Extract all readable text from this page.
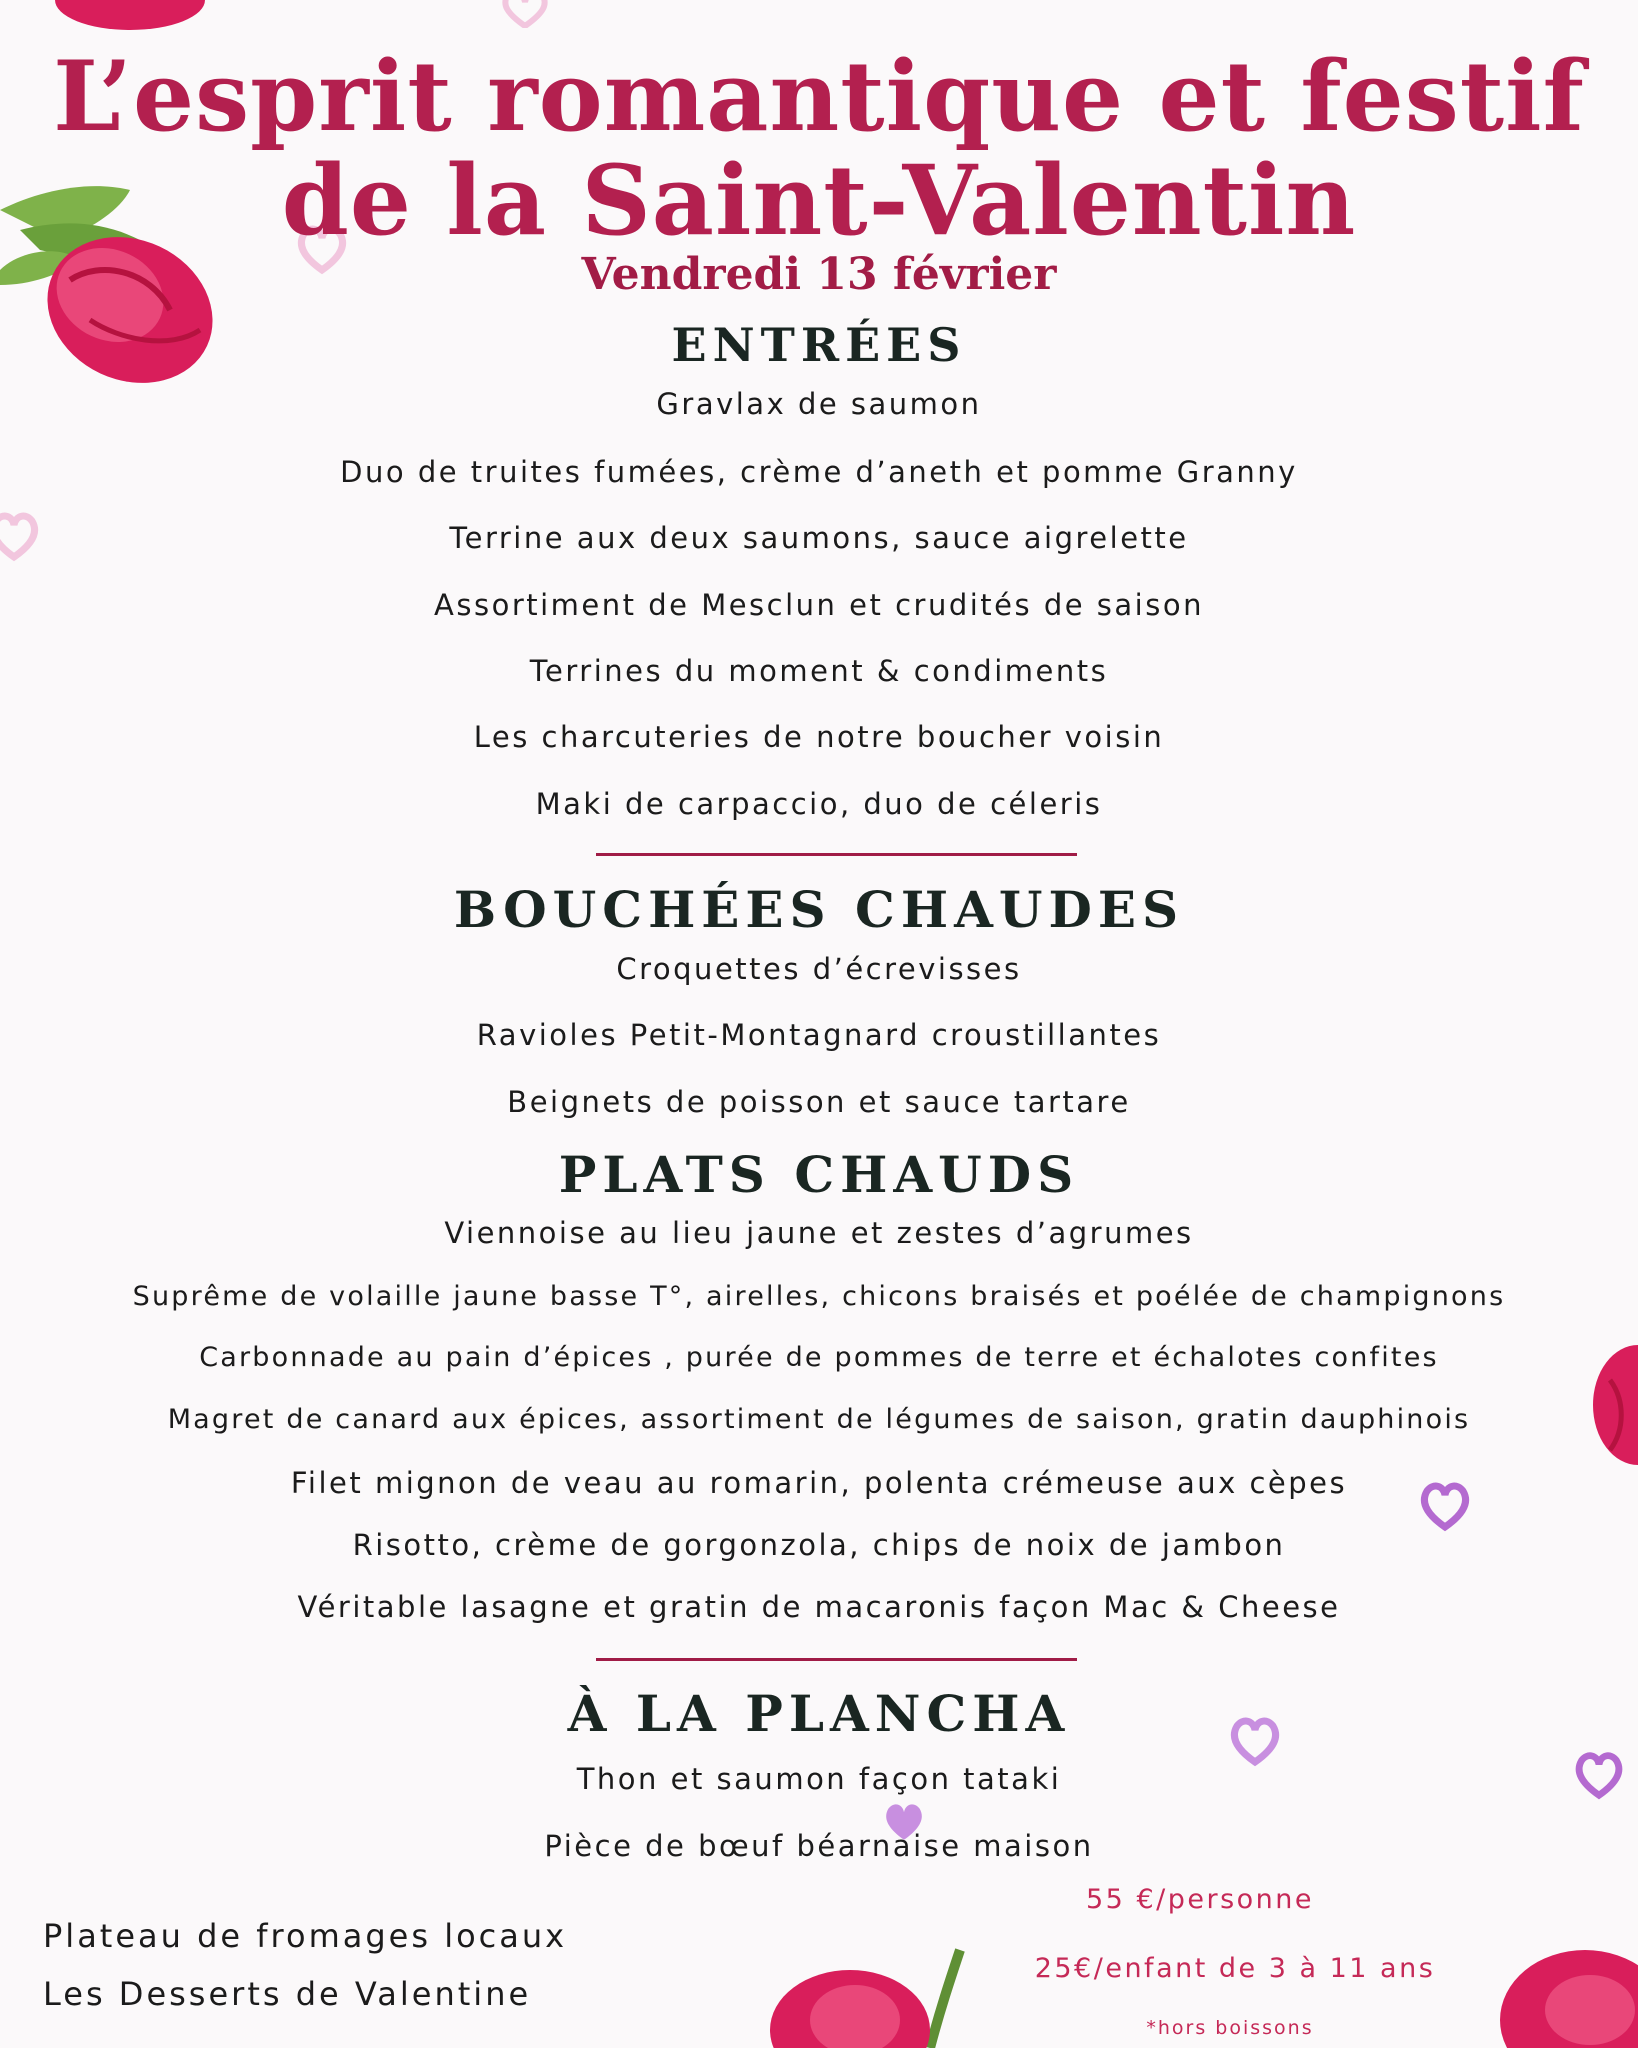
L’esprit romantique et festif
de la Saint-Valentin
Vendredi 13 février
ENTRÉES
Gravlax de saumon
Duo de truites fumées, crème d’aneth et pomme Granny
Terrine aux deux saumons, sauce aigrelette
Assortiment de Mesclun et crudités de saison
Terrines du moment & condiments
Les charcuteries de notre boucher voisin
Maki de carpaccio, duo de céleris
BOUCHÉES CHAUDES
Croquettes d’écrevisses
Ravioles Petit-Montagnard croustillantes
Beignets de poisson et sauce tartare
PLATS CHAUDS
Viennoise au lieu jaune et zestes d’agrumes
Suprême de volaille jaune basse T°, airelles, chicons braisés et poélée de champignons
Carbonnade au pain d’épices , purée de pommes de terre et échalotes confites
Magret de canard aux épices, assortiment de légumes de saison, gratin dauphinois
Filet mignon de veau au romarin, polenta crémeuse aux cèpes
Risotto, crème de gorgonzola, chips de noix de jambon
Véritable lasagne et gratin de macaronis façon Mac & Cheese
À LA PLANCHA
Thon et saumon façon tataki
Pièce de bœuf béarnaise maison
Plateau de fromages locaux
Les Desserts de Valentine
55 €/personne
25€/enfant de 3 à 11 ans
*hors boissons
